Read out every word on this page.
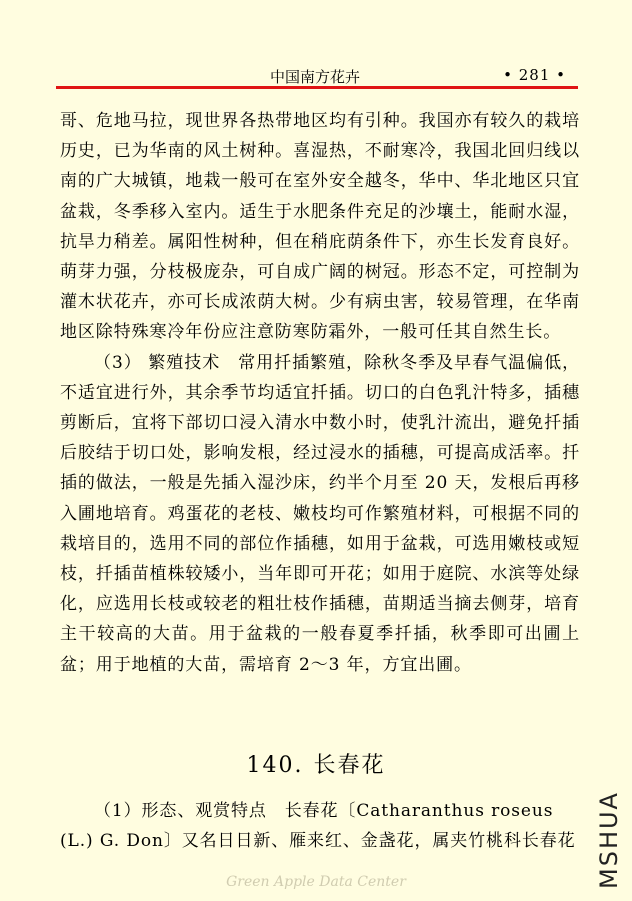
中国南方花卉	• 281 •

哥、危地马拉，现世界各热带地区均有引种。我国亦有较久的栽培历史，已为华南的风土树种。喜湿热，不耐寒冷，我国北回归线以南的广大城镇，地栽一般可在室外安全越冬，华中、华北地区只宜盆栽，冬季移入室内。适生于水肥条件充足的沙壤土，能耐水湿，抗旱力稍差。属阳性树种，但在稍庇荫条件下，亦生长发育良好。萌芽力强，分枝极庞杂，可自成广阔的树冠。形态不定，可控制为灌木状花卉，亦可长成浓荫大树。少有病虫害，较易管理，在华南地区除特殊寒冷年份应注意防寒防霜外，一般可任其自然生长。

（3） 繁殖技术　常用扦插繁殖，除秋冬季及早春气温偏低，不适宜进行外，其余季节均适宜扦插。切口的白色乳汁特多，插穗剪断后，宜将下部切口浸入清水中数小时，使乳汁流出，避免扦插后胶结于切口处，影响发根，经过浸水的插穗，可提高成活率。扦插的做法，一般是先插入湿沙床，约半个月至 20 天，发根后再移入圃地培育。鸡蛋花的老枝、嫩枝均可作繁殖材料，可根据不同的栽培目的，选用不同的部位作插穗，如用于盆栽，可选用嫩枝或短枝，扦插苗植株较矮小，当年即可开花；如用于庭院、水滨等处绿化，应选用长枝或较老的粗壮枝作插穗，苗期适当摘去侧芽，培育主干较高的大苗。用于盆栽的一般春夏季扦插，秋季即可出圃上盆；用于地植的大苗，需培育 2～3 年，方宜出圃。

140. 长春花

（1）形态、观赏特点　长春花〔Catharanthus roseus (L.) G. Don〕又名日日新、雁来红、金盏花，属夹竹桃科长春花 MSHUA
Green Apple Data Center
